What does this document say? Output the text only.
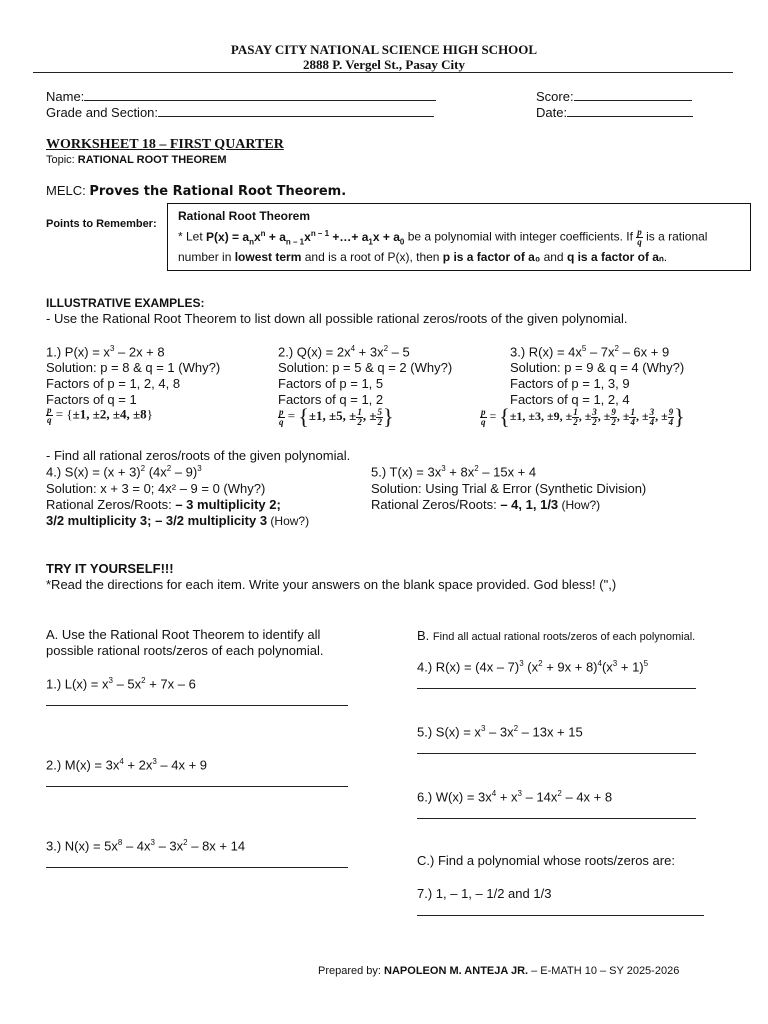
PASAY CITY NATIONAL SCIENCE HIGH SCHOOL
2888 P. Vergel St., Pasay City
Name:
Grade and Section:
Score:
Date:
WORKSHEET 18 – FIRST QUARTER
Topic: RATIONAL ROOT THEOREM
MELC: Proves the Rational Root Theorem.
Points to Remember:
Rational Root Theorem
* Let $P(x) = a_nx^n + a_{n - 1}x^{n - 1}$ +…+ $a_1x + a_0$ be a polynomial with integer coefficients. If $\frac{p}{q}$ is a rational
number in lowest term and is a root of P(x), then p is a factor of a₀ and q is a factor of aₙ.
ILLUSTRATIVE EXAMPLES:
- Use the Rational Root Theorem to list down all possible rational zeros/roots of the given polynomial.
1.) $P(x) = x^3 - 2x + 8$
Solution: p = 8 & q = 1 (Why?)
Factors of p = 1, 2, 4, 8
Factors of q = 1
$\frac{p}{q} = \{\pm 1$, ±2, ±4, ±8}
2.) $Q(x) = 2x^4 + 3x^2 - 5$
Solution: p = 5 & q = 2 (Why?)
Factors of p = 1, 5
Factors of q = 1, 2
$\frac{p}{q} = \{\pm 1$, ±5, ± $\frac{1}{2}$ , ± $\frac{5}{2}$ }
3.) $R(x) = 4x^5 - 7x^2 - 6x + 9$
Solution: p = 9 & q = 4 (Why?)
Factors of p = 1, 3, 9
Factors of q = 1, 2, 4
$\frac{p}{q} = \{\pm 1$, ±3, ±9, ± $\frac{1}{2}$ , ± $\frac{3}{2}$ , ± $\frac{9}{2}$ , ± $\frac{1}{4}$ , ± $\frac{3}{4}$ , ± $\frac{9}{4}$ }
- Find all rational zeros/roots of the given polynomial.
4.) $S(x) = (x + 3)^2$ $(4x^2 - 9)^3$
Solution: x + 3 = 0; 4x² – 9 = 0 (Why?)
Rational Zeros/Roots: – 3 multiplicity 2;
3/2 multiplicity 3; – 3/2 multiplicity 3 (How?)
5.) $T(x) = 3x^3 + 8x^2 - 15x + 4$
Solution: Using Trial & Error (Synthetic Division)
Rational Zeros/Roots: – 4, 1, 1/3 (How?)
TRY IT YOURSELF!!!
*Read the directions for each item. Write your answers on the blank space provided. God bless! (",)
A. Use the Rational Root Theorem to identify all
possible rational roots/zeros of each polynomial.
1.) $L(x) = x^3 - 5x^2 + 7x - 6$
2.) $M(x) = 3x^4 + 2x^3 - 4x + 9$
3.) $N(x) = 5x^8 - 4x^3 - 3x^2 - 8x + 14$
B. Find all actual rational roots/zeros of each polynomial.
4.) R(x) = (4x – 7)$^3$ $(x^2 + 9x + 8)^4(x^3 + 1)^5$
5.) $S(x) = x^3 - 3x^2 - 13x + 15$
6.) $W(x) = 3x^4 + x^3 - 14x^2 - 4x + 8$
C.) Find a polynomial whose roots/zeros are:
7.) 1, – 1, – 1/2 and 1/3
Prepared by: NAPOLEON M. ANTEJA JR. – E-MATH 10 – SY 2025-2026
